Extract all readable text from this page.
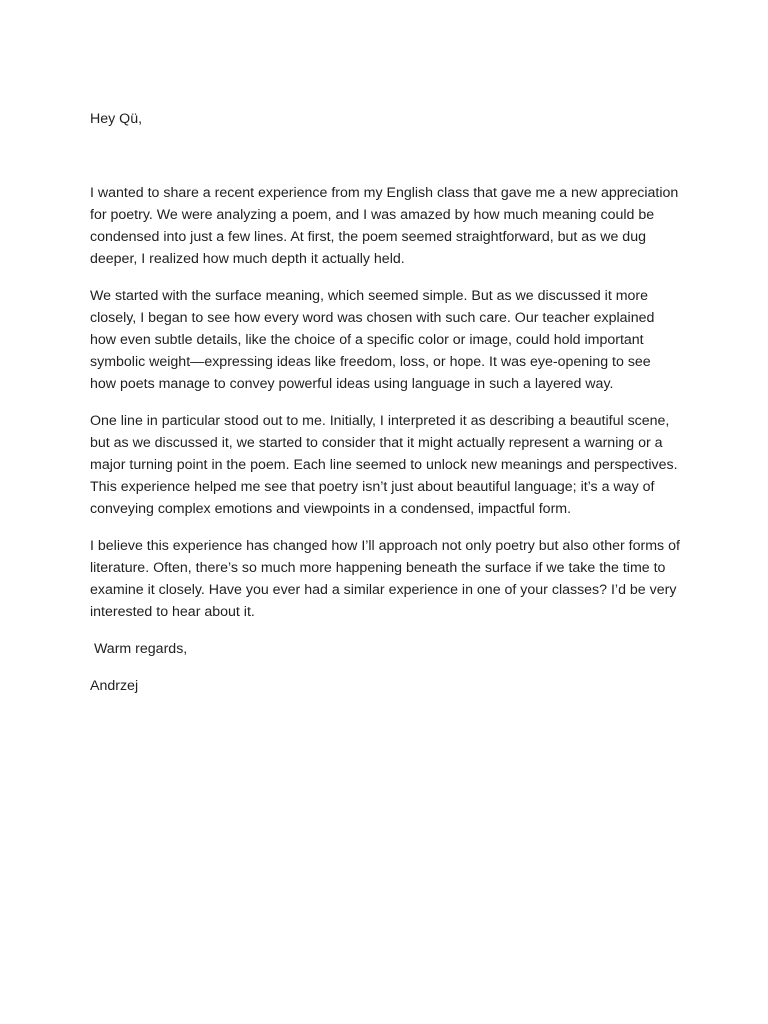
Hey Qü,

I wanted to share a recent experience from my English class that gave me a new appreciation for poetry. We were analyzing a poem, and I was amazed by how much meaning could be condensed into just a few lines. At first, the poem seemed straightforward, but as we dug deeper, I realized how much depth it actually held.

We started with the surface meaning, which seemed simple. But as we discussed it more closely, I began to see how every word was chosen with such care. Our teacher explained how even subtle details, like the choice of a specific color or image, could hold important symbolic weight—expressing ideas like freedom, loss, or hope. It was eye-opening to see how poets manage to convey powerful ideas using language in such a layered way.

One line in particular stood out to me. Initially, I interpreted it as describing a beautiful scene, but as we discussed it, we started to consider that it might actually represent a warning or a major turning point in the poem. Each line seemed to unlock new meanings and perspectives. This experience helped me see that poetry isn’t just about beautiful language; it’s a way of conveying complex emotions and viewpoints in a condensed, impactful form.

I believe this experience has changed how I’ll approach not only poetry but also other forms of literature. Often, there’s so much more happening beneath the surface if we take the time to examine it closely. Have you ever had a similar experience in one of your classes? I’d be very interested to hear about it.

Warm regards,

Andrzej
